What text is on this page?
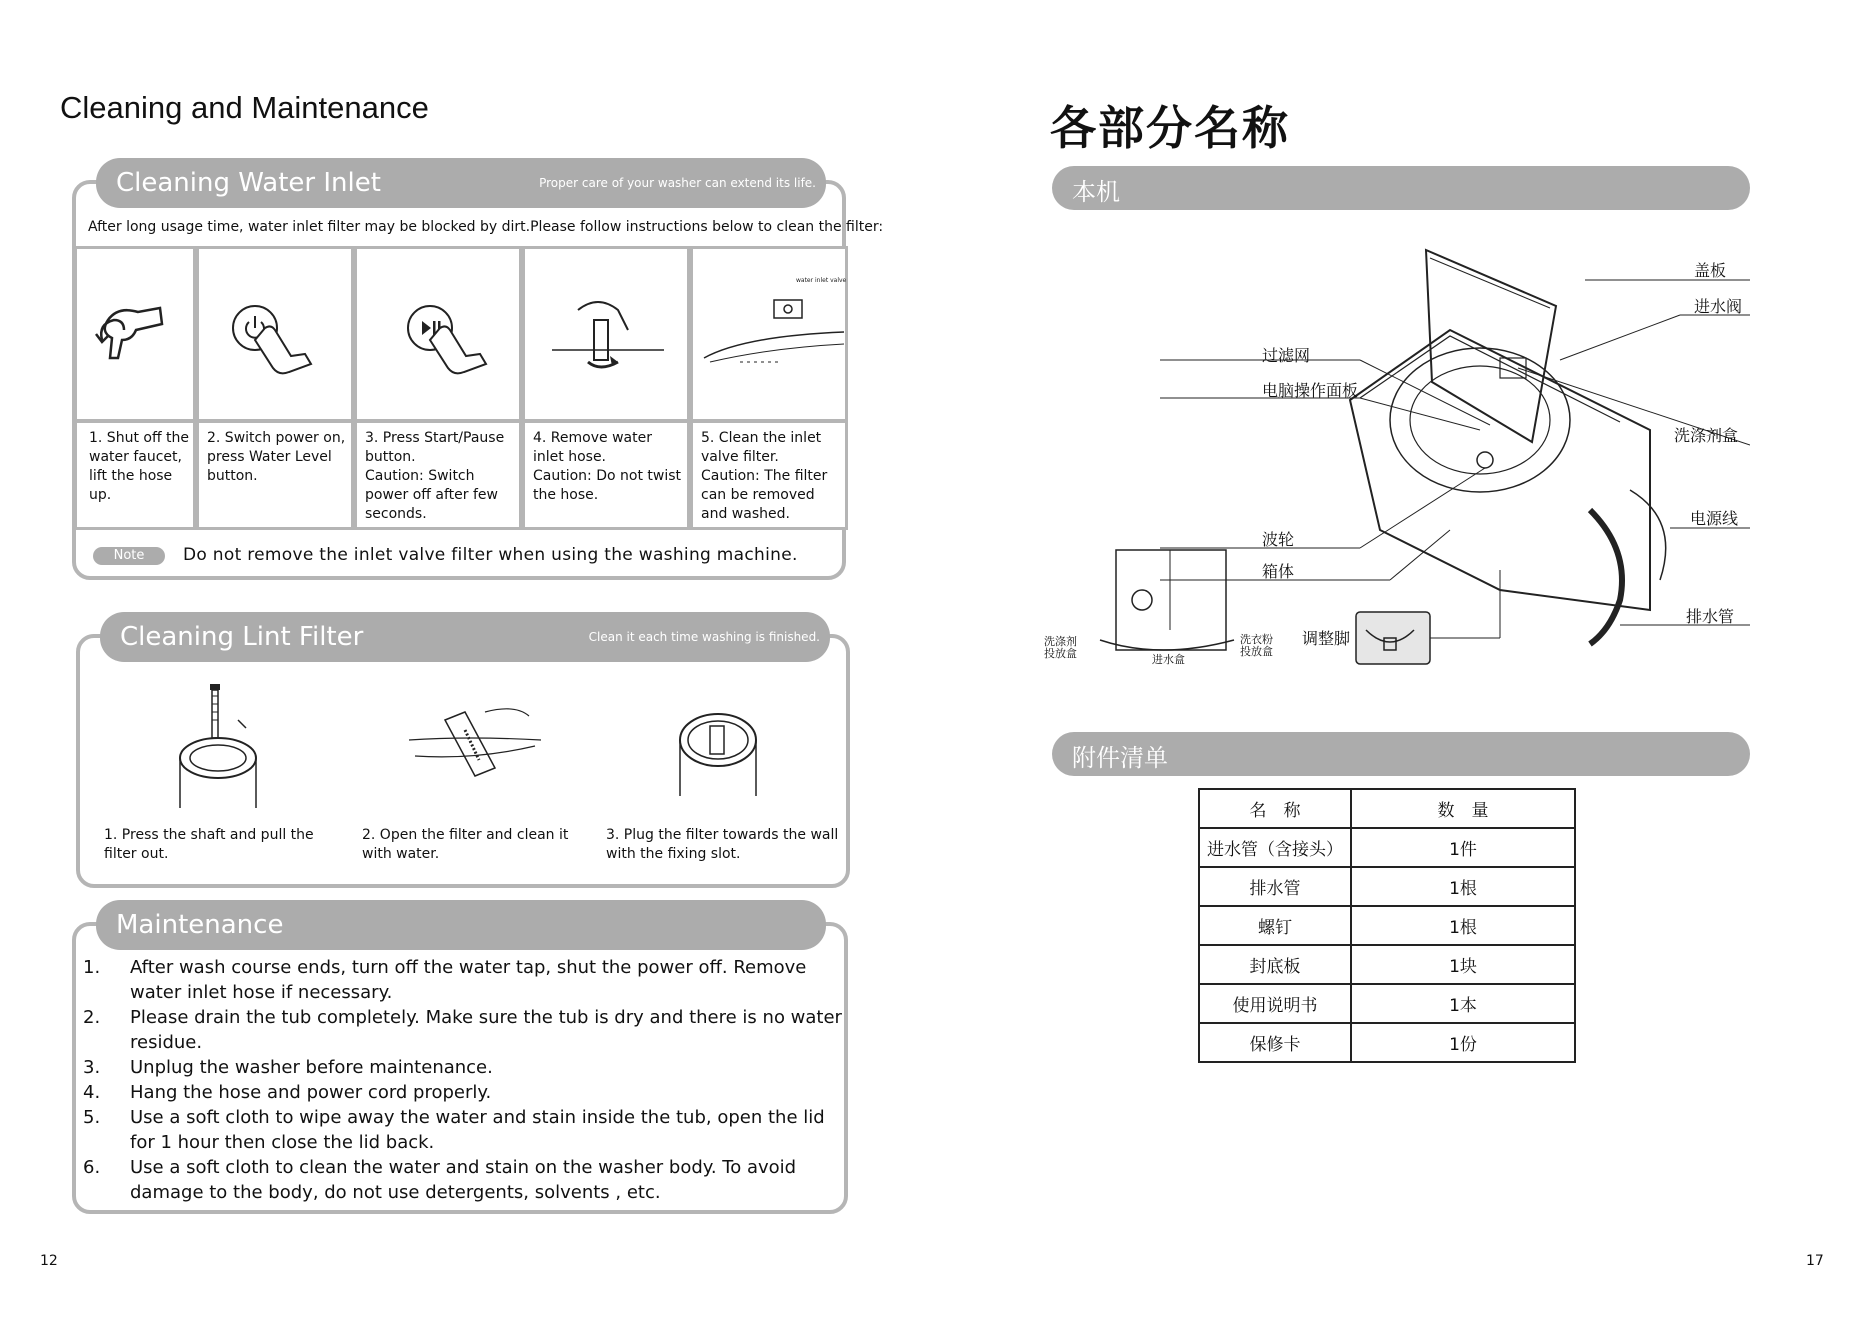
Cleaning and Maintenance
Cleaning Water Inlet	Proper care of your washer can extend its life.
After long usage time, water inlet filter may be blocked by dirt.Please follow instructions below to clean the filter:
water inlet valve
1. Shut off the water faucet, lift the hose up.
2. Switch power on, press Water Level button.
3. Press Start/Pause button.
Caution: Switch power off after few seconds.
4. Remove water inlet hose.
Caution: Do not twist the hose.
5. Clean the inlet valve filter.
Caution: The filter can be removed and washed.
Note	Do not remove the inlet valve filter when using the washing machine.
Cleaning Lint Filter	Clean it each time washing is finished.
1. Press the shaft and pull the filter out.
2. Open the filter and clean it with water.
3. Plug the filter towards the wall with the fixing slot.
Maintenance
1. After wash course ends, turn off the water tap, shut the power off. Remove water inlet hose if necessary.
2. Please drain the tub completely. Make sure the tub is dry and there is no water residue.
3. Unplug the washer before maintenance.
4. Hang the hose and power cord properly.
5. Use a soft cloth to wipe away the water and stain inside the tub, open the lid for 1 hour then close the lid back.
6. Use a soft cloth to clean the water and stain on the washer body. To avoid damage to the body, do not use detergents, solvents , etc.
12
各部分名称
本机
盖板
进水阀
过滤网
电脑操作面板
洗涤剂盒
电源线
波轮
箱体
排水管
调整脚
洗涤剂
投放盒
洗衣粉
投放盒
进水盒
附件清单
名　称	数　量
进水管（含接头）	1件
排水管	1根
螺钉	1根
封底板	1块
使用说明书	1本
保修卡	1份
17
